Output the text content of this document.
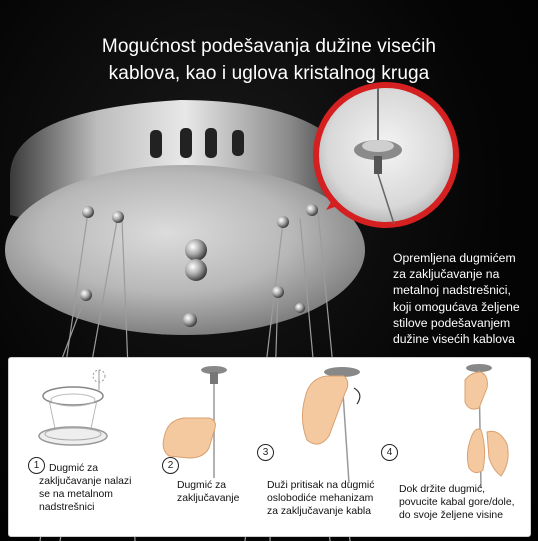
Mogućnost podešavanja dužine visećih
kablova, kao i uglova kristalnog kruga
Opremljena dugmićem
za zaključavanje na
metalnoj nadstrešnici,
koji omogućava željene
stilove podešavanjem
dužine visećih kablova
1 Dugmić za
zaključavanje nalazi
se na metalnom
nadstrešnici
2
Dugmić za
zaključavanje
3
Duži pritisak na dugmić
oslobodiće mehanizam
za zaključavanje kabla
4
Dok držite dugmić,
povucite kabal gore/dole,
do svoje željene visine
